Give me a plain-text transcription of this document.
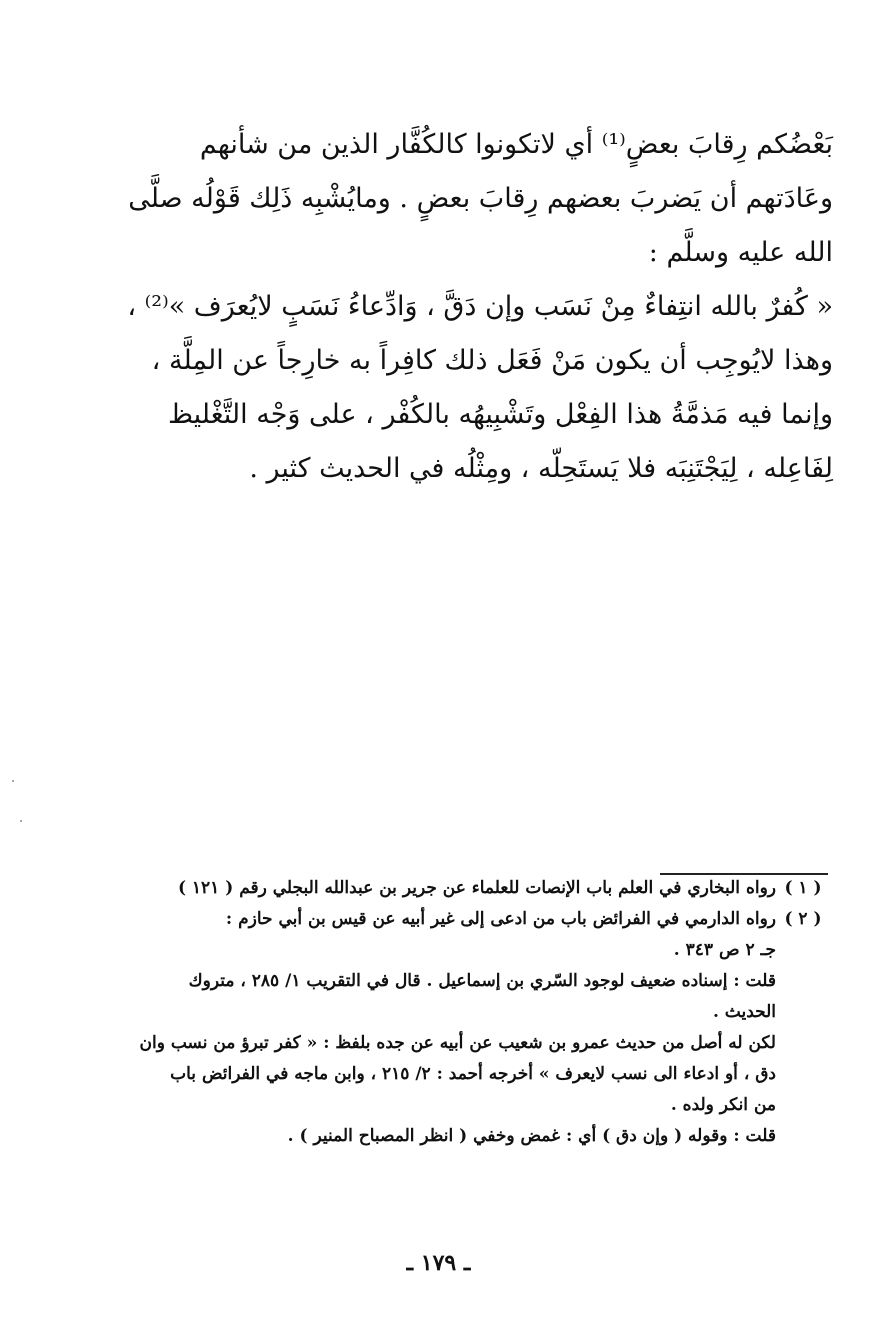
بَعْضُكم رِقابَ بعضٍ⁽¹⁾ أي لاتكونوا كالكُفَّار الذين من شأنهم
وعَادَتهم أن يَضربَ بعضهم رِقابَ بعضٍ . ومايُشْبِه ذَلِك قَوْلُه صلَّى
الله عليه وسلَّم :
« كُفرٌ بالله انتِفاءٌ مِنْ نَسَب وإن دَقَّ ، وَادِّعاءُ نَسَبٍ لايُعرَف »⁽²⁾ ،
وهذا لايُوجِب أن يكون مَنْ فَعَل ذلك كافِراً به خارِجاً عن المِلَّة ،
وإنما فيه مَذمَّةُ هذا الفِعْل وتَشْبِيهُه بالكُفْر ، على وَجْه التَّغْليظ
لِفَاعِله ، لِيَجْتَنِبَه فلا يَستَحِلّه ، ومِثْلُه في الحديث كثير .
( ١ )
رواه البخاري في العلم باب الإنصات للعلماء عن جرير بن عبدالله البجلي رقم ( ١٢١ )
( ٢ )
رواه الدارمي في الفرائض باب من ادعى إلى غير أبيه عن قيس بن أبي حازم :
جـ ٢ ص ٣٤٣ .
قلت : إسناده ضعيف لوجود السّري بن إسماعيل . قال في التقريب ١/ ٢٨٥ ، متروك
الحديث .
لكن له أصل من حديث عمرو بن شعيب عن أبيه عن جده بلفظ : « كفر تبرؤ من نسب وان
دق ، أو ادعاء الى نسب لايعرف » أخرجه أحمد : ٢/ ٢١٥ ، وابن ماجه في الفرائض باب
من انكر ولده .
قلت : وقوله ( وإن دق ) أي : غمض وخفي ( انظر المصباح المنير ) .
ـ ١٧٩ ـ
